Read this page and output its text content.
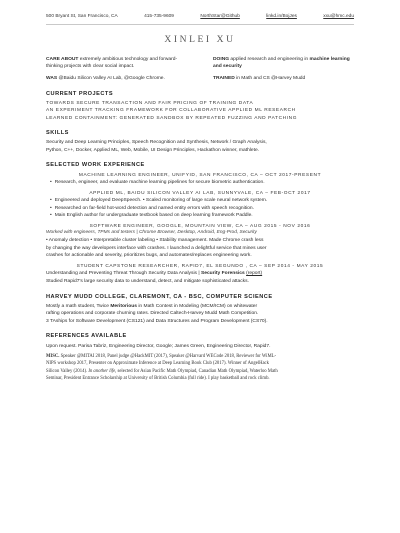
500 Bryant St, San Francisco, CA	415-735-9609	NorthStar@Github	linkd.in/BojJes	xxu@hmc.edu
XINLEI XU
CARE ABOUT extremely ambitious technology and forward-thinking projects with clear social impact.
DOING applied research and engineering in machine learning and security
WAS @Baidu Silicon Valley AI Lab, @Google Chrome.	TRAINED in Math and CS @Harvey Mudd
CURRENT PROJECTS
TOWARDS SECURE TRANSACTION AND FAIR PRICING OF TRAINING DATA
AN EXPERIMENT TRACKING FRAMEWORK FOR COLLABORATIVE APPLIED ML RESEARCH
LEARNED CONTAINMENT: GENERATED SANDBOX BY REPEATED FUZZING AND PATCHING
SKILLS
Security and Deep Learning Principles, Speech Recognition and Synthesis, Network / Graph Analysis,
Python, C++, Docker, Applied ML, Web, Mobile, UI Design Principles, Hackathon winner, mathlete.
SELECTED WORK EXPERIENCE
MACHINE LEARNING ENGINEER, UNIFYID, SAN FRANCISCO, CA – OCT 2017-PRESENT
• Research, engineer, and evaluate machine learning pipelines for secure biometric authentication.
APPLIED ML, BAIDU SILICON VALLEY AI LAB, SUNNYVALE, CA – FEB-OCT 2017
• Engineered and deployed DeepSpeech. • Scaled monitoring of large scale neural network system.
• Researched on far-field hot-word detection and named entity errors with speech recognition.
• Main English author for undergraduate textbook based on deep learning framework Paddle.
SOFTWARE ENGINEER, GOOGLE, MOUNTAIN VIEW, CA – AUG 2015 - NOV 2016
Worked with engineers, TPMs and testers | Chrome Browser, Desktop, Android, Eng-Prod, Security
• Anomaly detection • Interpretable cluster labeling • Stability management. Made Chrome crash less
by changing the way developers interface with crashes. I launched a delightful service that mines user
crashes for actionable and severity, prioritizes bugs, and automates/replaces engineering work.
STUDENT CAPSTONE RESEARCHER, RAPID7, EL SEGUNDO , CA – SEP 2014 - MAY 2015
Understanding and Preventing Threat Through Security Data Analysis | Security Forensics (report)
Studied Rapid7's large security data to understand, detect, and mitigate sophisticated attacks.
HARVEY MUDD COLLEGE, CLAREMONT, CA - BSC, COMPUTER SCIENCE
Mostly a math student, Twice Meritorious in Math Contest in Modeling (MCM/ICM) on whitewater
rafting operations and corporate churning rates. Directed Caltech-Harvey Mudd Math Competition.
3 TAships for Software Development (CS121) and Data Structures and Program Development (CS70).
REFERENCES AVAILABLE
Upon request. Parisa Tabriz, Engineering Director, Google; James Green, Engineering Director, Rapid7.
MISC. Speaker @MITAI 2018, Panel judge @HackMIT (2017), Speaker @Harvard WECode 2018, Reviewer for WiML-
NIPS workshop 2017, Presenter on Approximate Inference at Deep Learning Book Club (2017). Winner of AngelHack
Silicon Valley (2014). In another life, selected for Asian Pacific Math Olympiad, Canadian Math Olympiad, Waterloo Math
Seminar, President Entrance Scholarship at University of British Columbia (full ride). I play basketball and rock climb.
